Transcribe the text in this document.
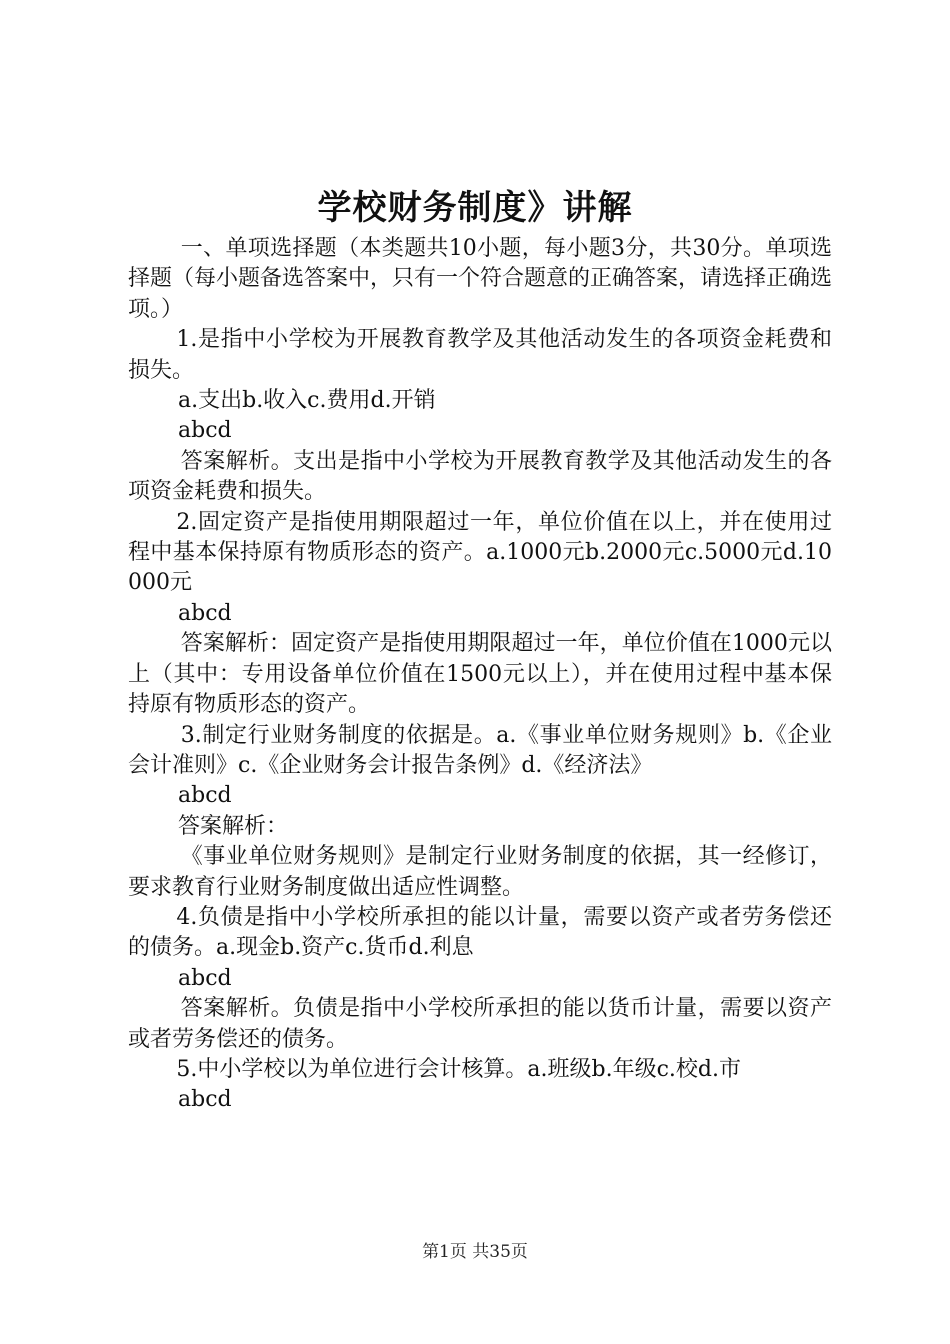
学校财务制度》讲解

一、单项选择题（本类题共10小题，每小题3分，共30分。单项选择题（每小题备选答案中，只有一个符合题意的正确答案，请选择正确选项。）

1.是指中小学校为开展教育教学及其他活动发生的各项资金耗费和损失。

a.支出b.收入c.费用d.开销

abcd

答案解析。支出是指中小学校为开展教育教学及其他活动发生的各项资金耗费和损失。

2.固定资产是指使用期限超过一年，单位价值在以上，并在使用过程中基本保持原有物质形态的资产。a.1000元b.2000元c.5000元d.10000元

abcd

答案解析：固定资产是指使用期限超过一年，单位价值在1000元以上（其中：专用设备单位价值在1500元以上），并在使用过程中基本保持原有物质形态的资产。

3.制定行业财务制度的依据是。a.《事业单位财务规则》b.《企业会计准则》c.《企业财务会计报告条例》d.《经济法》

abcd

答案解析：

《事业单位财务规则》是制定行业财务制度的依据，其一经修订，要求教育行业财务制度做出适应性调整。

4.负债是指中小学校所承担的能以计量，需要以资产或者劳务偿还的债务。a.现金b.资产c.货币d.利息

abcd

答案解析。负债是指中小学校所承担的能以货币计量，需要以资产或者劳务偿还的债务。

5.中小学校以为单位进行会计核算。a.班级b.年级c.校d.市

abcd

第1页 共35页
